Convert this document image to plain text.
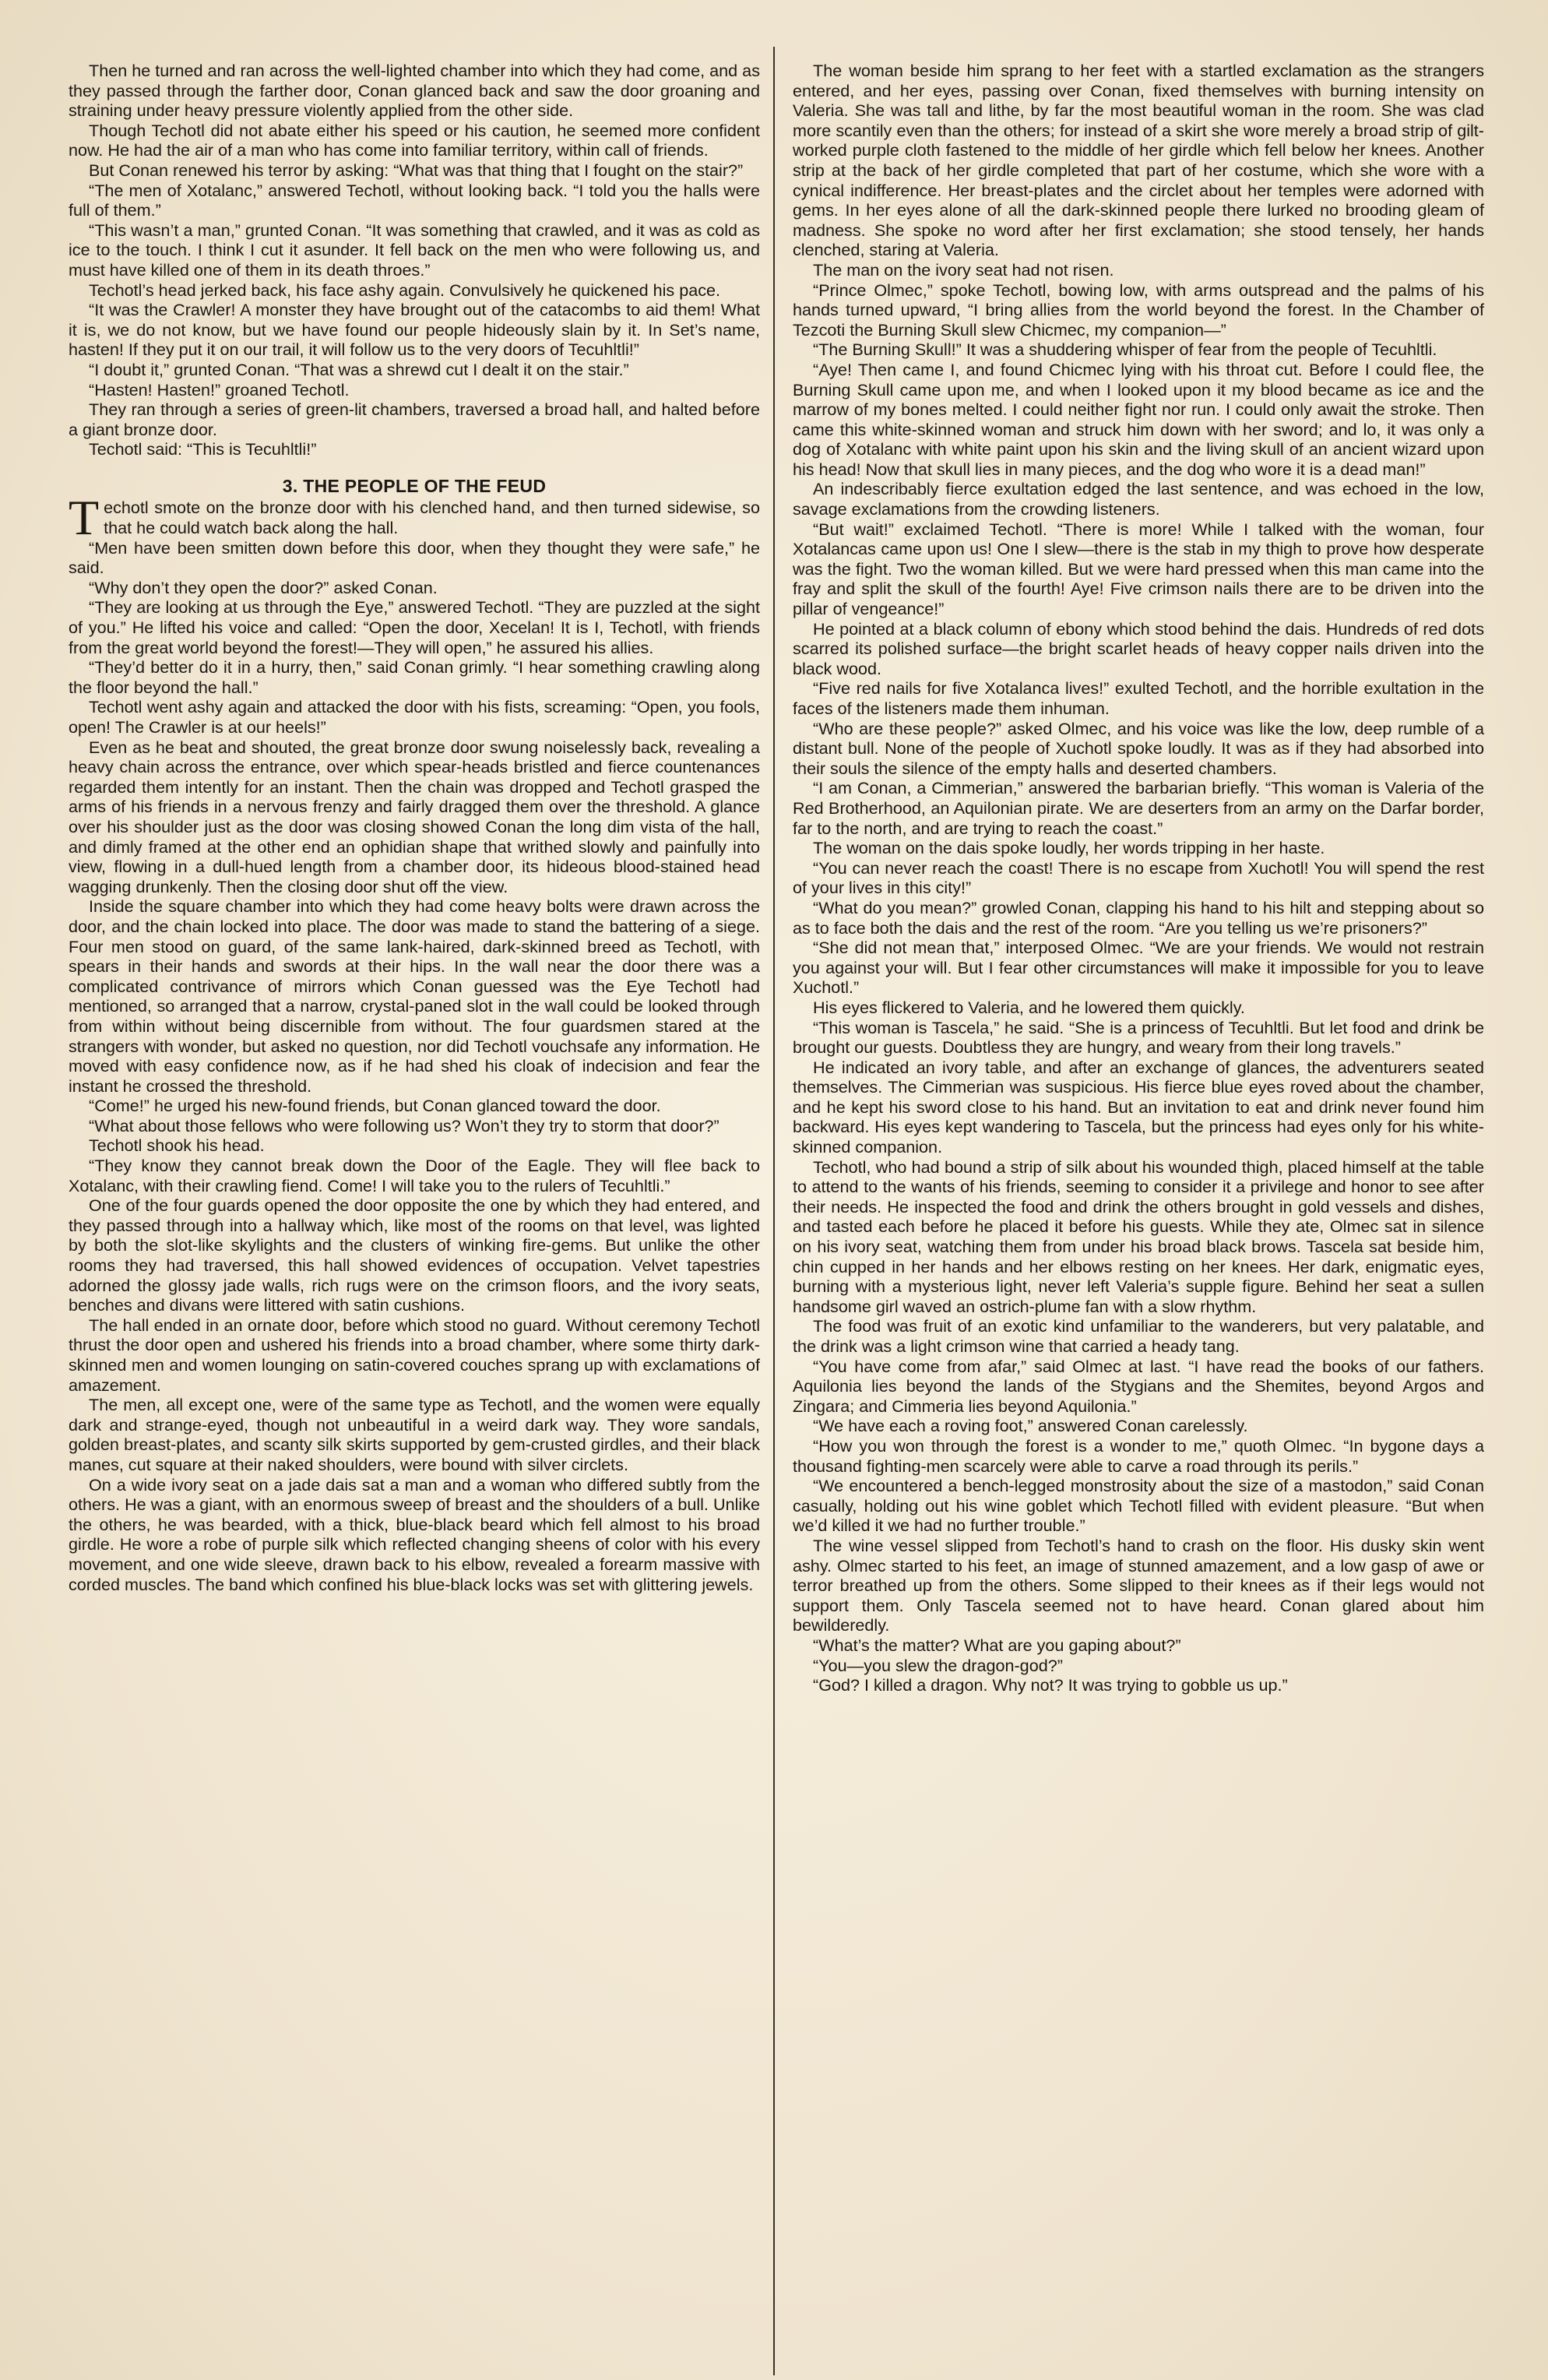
Then he turned and ran across the well-lighted chamber into which they had come, and as they passed through the farther door, Conan glanced back and saw the door groaning and straining under heavy pressure violently applied from the other side.

Though Techotl did not abate either his speed or his caution, he seemed more confident now. He had the air of a man who has come into familiar territory, within call of friends.

But Conan renewed his terror by asking: “What was that thing that I fought on the stair?”

“The men of Xotalanc,” answered Techotl, without looking back. “I told you the halls were full of them.”

“This wasn’t a man,” grunted Conan. “It was something that crawled, and it was as cold as ice to the touch. I think I cut it asunder. It fell back on the men who were following us, and must have killed one of them in its death throes.”

Techotl’s head jerked back, his face ashy again. Convulsively he quickened his pace.

“It was the Crawler! A monster they have brought out of the catacombs to aid them! What it is, we do not know, but we have found our people hideously slain by it. In Set’s name, hasten! If they put it on our trail, it will follow us to the very doors of Tecuhltli!”

“I doubt it,” grunted Conan. “That was a shrewd cut I dealt it on the stair.”

“Hasten! Hasten!” groaned Techotl.

They ran through a series of green-lit chambers, traversed a broad hall, and halted before a giant bronze door.

Techotl said: “This is Tecuhltli!”

3. THE PEOPLE OF THE FEUD

Techotl smote on the bronze door with his clenched hand, and then turned sidewise, so that he could watch back along the hall.

“Men have been smitten down before this door, when they thought they were safe,” he said.

“Why don’t they open the door?” asked Conan.

“They are looking at us through the Eye,” answered Techotl. “They are puzzled at the sight of you.” He lifted his voice and called: “Open the door, Xecelan! It is I, Techotl, with friends from the great world beyond the forest!—They will open,” he assured his allies.

“They’d better do it in a hurry, then,” said Conan grimly. “I hear something crawling along the floor beyond the hall.”

Techotl went ashy again and attacked the door with his fists, screaming: “Open, you fools, open! The Crawler is at our heels!”

Even as he beat and shouted, the great bronze door swung noiselessly back, revealing a heavy chain across the entrance, over which spear-heads bristled and fierce countenances regarded them intently for an instant. Then the chain was dropped and Techotl grasped the arms of his friends in a nervous frenzy and fairly dragged them over the threshold. A glance over his shoulder just as the door was closing showed Conan the long dim vista of the hall, and dimly framed at the other end an ophidian shape that writhed slowly and painfully into view, flowing in a dull-hued length from a chamber door, its hideous blood-stained head wagging drunkenly. Then the closing door shut off the view.

Inside the square chamber into which they had come heavy bolts were drawn across the door, and the chain locked into place. The door was made to stand the battering of a siege. Four men stood on guard, of the same lank-haired, dark-skinned breed as Techotl, with spears in their hands and swords at their hips. In the wall near the door there was a complicated contrivance of mirrors which Conan guessed was the Eye Techotl had mentioned, so arranged that a narrow, crystal-paned slot in the wall could be looked through from within without being discernible from without. The four guardsmen stared at the strangers with wonder, but asked no question, nor did Techotl vouchsafe any information. He moved with easy confidence now, as if he had shed his cloak of indecision and fear the instant he crossed the threshold.

“Come!” he urged his new-found friends, but Conan glanced toward the door.

“What about those fellows who were following us? Won’t they try to storm that door?”

Techotl shook his head.

“They know they cannot break down the Door of the Eagle. They will flee back to Xotalanc, with their crawling fiend. Come! I will take you to the rulers of Tecuhltli.”

One of the four guards opened the door opposite the one by which they had entered, and they passed through into a hallway which, like most of the rooms on that level, was lighted by both the slot-like skylights and the clusters of winking fire-gems. But unlike the other rooms they had traversed, this hall showed evidences of occupation. Velvet tapestries adorned the glossy jade walls, rich rugs were on the crimson floors, and the ivory seats, benches and divans were littered with satin cushions.

The hall ended in an ornate door, before which stood no guard. Without ceremony Techotl thrust the door open and ushered his friends into a broad chamber, where some thirty dark-skinned men and women lounging on satin-covered couches sprang up with exclamations of amazement.

The men, all except one, were of the same type as Techotl, and the women were equally dark and strange-eyed, though not unbeautiful in a weird dark way. They wore sandals, golden breast-plates, and scanty silk skirts supported by gem-crusted girdles, and their black manes, cut square at their naked shoulders, were bound with silver circlets.

On a wide ivory seat on a jade dais sat a man and a woman who differed subtly from the others. He was a giant, with an enormous sweep of breast and the shoulders of a bull. Unlike the others, he was bearded, with a thick, blue-black beard which fell almost to his broad girdle. He wore a robe of purple silk which reflected changing sheens of color with his every movement, and one wide sleeve, drawn back to his elbow, revealed a forearm massive with corded muscles. The band which confined his blue-black locks was set with glittering jewels.

The woman beside him sprang to her feet with a startled exclamation as the strangers entered, and her eyes, passing over Conan, fixed themselves with burning intensity on Valeria. She was tall and lithe, by far the most beautiful woman in the room. She was clad more scantily even than the others; for instead of a skirt she wore merely a broad strip of gilt-worked purple cloth fastened to the middle of her girdle which fell below her knees. Another strip at the back of her girdle completed that part of her costume, which she wore with a cynical indifference. Her breast-plates and the circlet about her temples were adorned with gems. In her eyes alone of all the dark-skinned people there lurked no brooding gleam of madness. She spoke no word after her first exclamation; she stood tensely, her hands clenched, staring at Valeria.

The man on the ivory seat had not risen.

“Prince Olmec,” spoke Techotl, bowing low, with arms outspread and the palms of his hands turned upward, “I bring allies from the world beyond the forest. In the Chamber of Tezcoti the Burning Skull slew Chicmec, my companion—”

“The Burning Skull!” It was a shuddering whisper of fear from the people of Tecuhltli.

“Aye! Then came I, and found Chicmec lying with his throat cut. Before I could flee, the Burning Skull came upon me, and when I looked upon it my blood became as ice and the marrow of my bones melted. I could neither fight nor run. I could only await the stroke. Then came this white-skinned woman and struck him down with her sword; and lo, it was only a dog of Xotalanc with white paint upon his skin and the living skull of an ancient wizard upon his head! Now that skull lies in many pieces, and the dog who wore it is a dead man!”

An indescribably fierce exultation edged the last sentence, and was echoed in the low, savage exclamations from the crowding listeners.

“But wait!” exclaimed Techotl. “There is more! While I talked with the woman, four Xotalancas came upon us! One I slew—there is the stab in my thigh to prove how desperate was the fight. Two the woman killed. But we were hard pressed when this man came into the fray and split the skull of the fourth! Aye! Five crimson nails there are to be driven into the pillar of vengeance!”

He pointed at a black column of ebony which stood behind the dais. Hundreds of red dots scarred its polished surface—the bright scarlet heads of heavy copper nails driven into the black wood.

“Five red nails for five Xotalanca lives!” exulted Techotl, and the horrible exultation in the faces of the listeners made them inhuman.

“Who are these people?” asked Olmec, and his voice was like the low, deep rumble of a distant bull. None of the people of Xuchotl spoke loudly. It was as if they had absorbed into their souls the silence of the empty halls and deserted chambers.

“I am Conan, a Cimmerian,” answered the barbarian briefly. “This woman is Valeria of the Red Brotherhood, an Aquilonian pirate. We are deserters from an army on the Darfar border, far to the north, and are trying to reach the coast.”

The woman on the dais spoke loudly, her words tripping in her haste.

“You can never reach the coast! There is no escape from Xuchotl! You will spend the rest of your lives in this city!”

“What do you mean?” growled Conan, clapping his hand to his hilt and stepping about so as to face both the dais and the rest of the room. “Are you telling us we’re prisoners?”

“She did not mean that,” interposed Olmec. “We are your friends. We would not restrain you against your will. But I fear other circumstances will make it impossible for you to leave Xuchotl.”

His eyes flickered to Valeria, and he lowered them quickly.

“This woman is Tascela,” he said. “She is a princess of Tecuhltli. But let food and drink be brought our guests. Doubtless they are hungry, and weary from their long travels.”

He indicated an ivory table, and after an exchange of glances, the adventurers seated themselves. The Cimmerian was suspicious. His fierce blue eyes roved about the chamber, and he kept his sword close to his hand. But an invitation to eat and drink never found him backward. His eyes kept wandering to Tascela, but the princess had eyes only for his white-skinned companion.

Techotl, who had bound a strip of silk about his wounded thigh, placed himself at the table to attend to the wants of his friends, seeming to consider it a privilege and honor to see after their needs. He inspected the food and drink the others brought in gold vessels and dishes, and tasted each before he placed it before his guests. While they ate, Olmec sat in silence on his ivory seat, watching them from under his broad black brows. Tascela sat beside him, chin cupped in her hands and her elbows resting on her knees. Her dark, enigmatic eyes, burning with a mysterious light, never left Valeria’s supple figure. Behind her seat a sullen handsome girl waved an ostrich-plume fan with a slow rhythm.

The food was fruit of an exotic kind unfamiliar to the wanderers, but very palatable, and the drink was a light crimson wine that carried a heady tang.

“You have come from afar,” said Olmec at last. “I have read the books of our fathers. Aquilonia lies beyond the lands of the Stygians and the Shemites, beyond Argos and Zingara; and Cimmeria lies beyond Aquilonia.”

“We have each a roving foot,” answered Conan carelessly.

“How you won through the forest is a wonder to me,” quoth Olmec. “In bygone days a thousand fighting-men scarcely were able to carve a road through its perils.”

“We encountered a bench-legged monstrosity about the size of a mastodon,” said Conan casually, holding out his wine goblet which Techotl filled with evident pleasure. “But when we’d killed it we had no further trouble.”

The wine vessel slipped from Techotl’s hand to crash on the floor. His dusky skin went ashy. Olmec started to his feet, an image of stunned amazement, and a low gasp of awe or terror breathed up from the others. Some slipped to their knees as if their legs would not support them. Only Tascela seemed not to have heard. Conan glared about him bewilderedly.

“What’s the matter? What are you gaping about?”

“You—you slew the dragon-god?”

“God? I killed a dragon. Why not? It was trying to gobble us up.”
